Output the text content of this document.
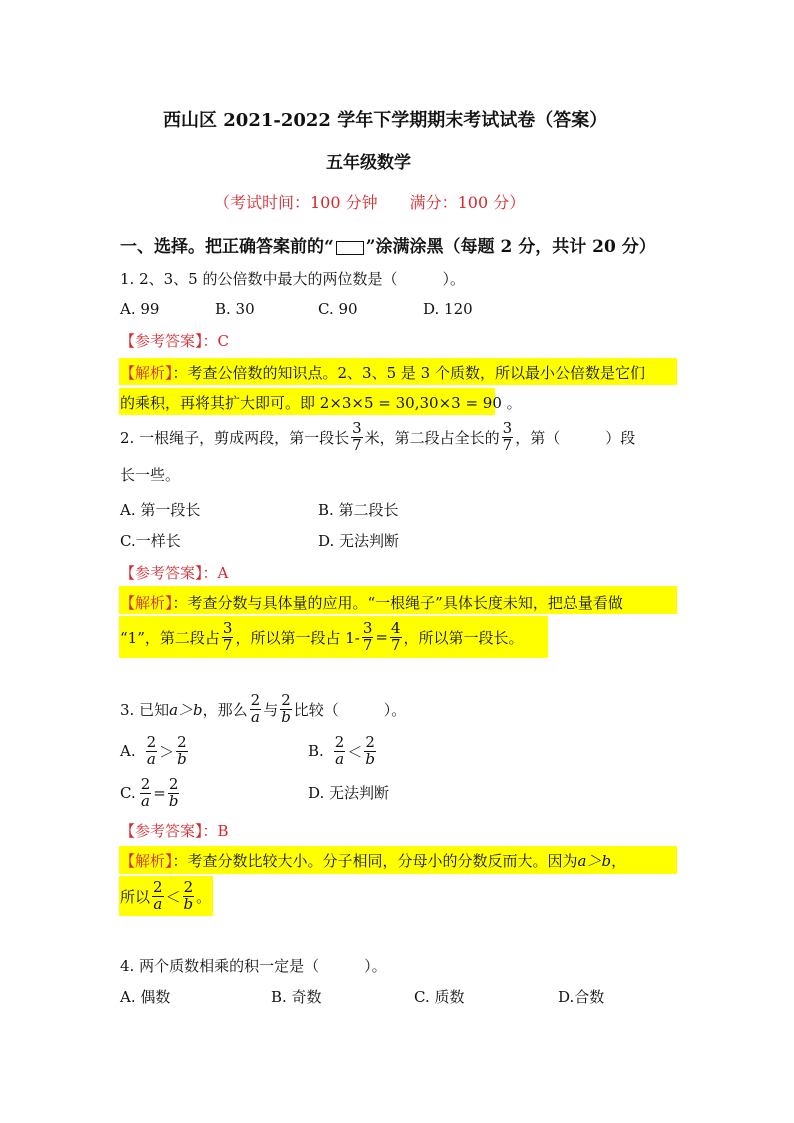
西山区 2021-2022 学年下学期期末考试试卷（答案）
五年级数学
（考试时间：100 分钟　　满分：100 分）
一、选择。把正确答案前的“ ”涂满涂黑（每题 2 分，共计 20 分）
1. 2、3、5 的公倍数中最大的两位数是（　　　）。
A. 99	B. 30	C. 90	D. 120
【参考答案】：C
【解析】：考查公倍数的知识点。2、3、5 是 3 个质数，所以最小公倍数是它们
的乘积，再将其扩大即可。即 2×3×5 = 30,30×3 = 90 。
2. 一根绳子，剪成两段，第一段长 $\frac{3}{7}$ 米，第二段占全长的 $\frac{3}{7}$ ，第（　　　）段
长一些。
A. 第一段长	B. 第二段长
C.一样长	D. 无法判断
【参考答案】：A
【解析】：考查分数与具体量的应用。“一根绳子”具体长度未知，把总量看做
“1”，第二段占 $\frac{3}{7}$ ，所以第一段占 $1- \frac{3}{7} = \frac{4}{7}$ ，所以第一段长。
3. 已知 a＞b ，那么 $\frac{2}{a}$ 与 $\frac{2}{b}$ 比较（　　　）。
A. $\frac{2}{a} > \frac{2}{b}$	B. $\frac{2}{a} < \frac{2}{b}$
C. $\frac{2}{a} = \frac{2}{b}$	D. 无法判断
【参考答案】：B
【解析】：考查分数比较大小。分子相同，分母小的分数反而大。因为a＞b，
所以 $\frac{2}{a} < \frac{2}{b}$ 。
4. 两个质数相乘的积一定是（　　　）。
A. 偶数	B. 奇数	C. 质数	D.合数
